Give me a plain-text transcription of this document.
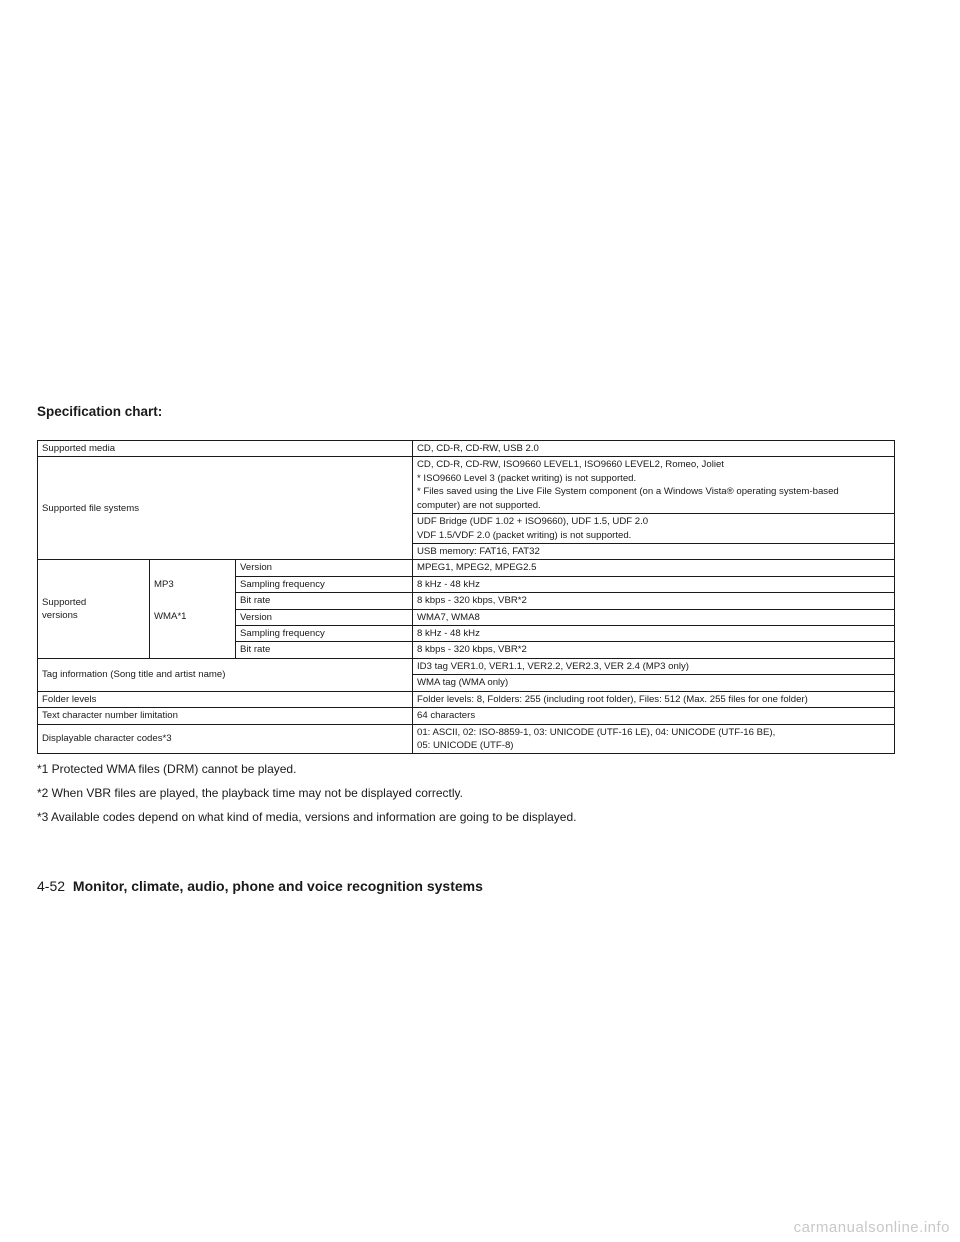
Specification chart:
Supported media			CD, CD-R, CD-RW, USB 2.0
Supported file systems			CD, CD-R, CD-RW, ISO9660 LEVEL1, ISO9660 LEVEL2, Romeo, Joliet
* ISO9660 Level 3 (packet writing) is not supported.
* Files saved using the Live File System component (on a Windows Vista® operating system-based
computer) are not supported.

			UDF Bridge (UDF 1.02 + ISO9660), UDF 1.5, UDF 2.0
VDF 1.5/VDF 2.0 (packet writing) is not supported.

			USB memory: FAT16, FAT32

Supported
versions	MP3	Version	MPEG1, MPEG2, MPEG2.5
		Sampling frequency	8 kHz - 48 kHz
		Bit rate	8 kbps - 320 kbps, VBR*2
	WMA*1	Version	WMA7, WMA8
		Sampling frequency	8 kHz - 48 kHz
		Bit rate	8 kbps - 320 kbps, VBR*2
Tag information (Song title and artist name)			ID3 tag VER1.0, VER1.1, VER2.2, VER2.3, VER 2.4 (MP3 only)
			WMA tag (WMA only)
Folder levels			Folder levels: 8, Folders: 255 (including root folder), Files: 512 (Max. 255 files for one folder)
Text character number limitation			64 characters
Displayable character codes*3			01: ASCII, 02: ISO-8859-1, 03: UNICODE (UTF-16 LE), 04: UNICODE (UTF-16 BE),
05: UNICODE (UTF-8)

*1 Protected WMA files (DRM) cannot be played.

*2 When VBR files are played, the playback time may not be displayed correctly.

*3 Available codes depend on what kind of media, versions and information are going to be displayed.

4-52 Monitor, climate, audio, phone and voice recognition systems
carmanualsonline.info
